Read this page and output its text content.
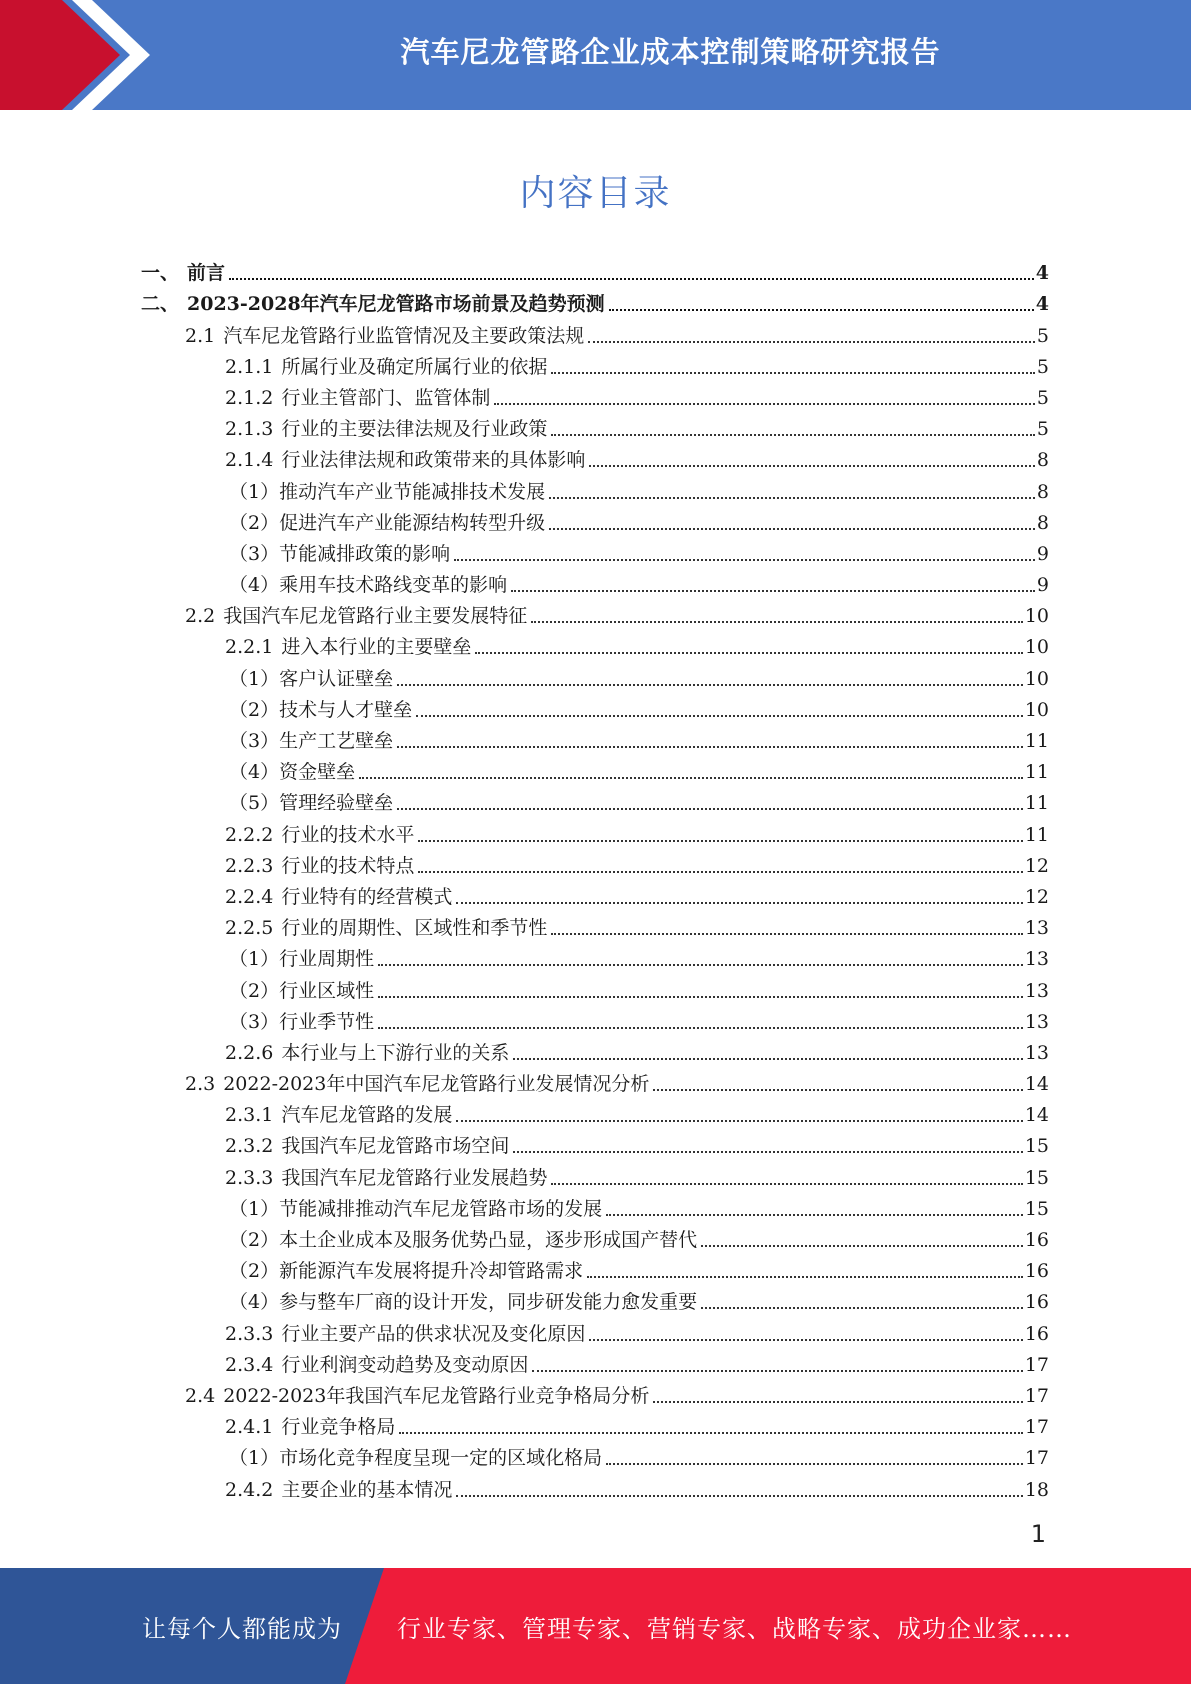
汽车尼龙管路企业成本控制策略研究报告
内容目录
一、 前言	4
二、 2023-2028年汽车尼龙管路市场前景及趋势预测	4
2.1 汽车尼龙管路行业监管情况及主要政策法规	5
2.1.1 所属行业及确定所属行业的依据	5
2.1.2 行业主管部门、监管体制	5
2.1.3 行业的主要法律法规及行业政策	5
2.1.4 行业法律法规和政策带来的具体影响	8
（1） 推动汽车产业节能减排技术发展	8
（2） 促进汽车产业能源结构转型升级	8
（3） 节能减排政策的影响	9
（4） 乘用车技术路线变革的影响	9
2.2 我国汽车尼龙管路行业主要发展特征	10
2.2.1 进入本行业的主要壁垒	10
（1） 客户认证壁垒	10
（2） 技术与人才壁垒	10
（3） 生产工艺壁垒	11
（4） 资金壁垒	11
（5） 管理经验壁垒	11
2.2.2 行业的技术水平	11
2.2.3 行业的技术特点	12
2.2.4 行业特有的经营模式	12
2.2.5 行业的周期性、区域性和季节性	13
（1） 行业周期性	13
（2） 行业区域性	13
（3） 行业季节性	13
2.2.6 本行业与上下游行业的关系	13
2.3 2022-2023年中国汽车尼龙管路行业发展情况分析	14
2.3.1 汽车尼龙管路的发展	14
2.3.2 我国汽车尼龙管路市场空间	15
2.3.3 我国汽车尼龙管路行业发展趋势	15
（1） 节能减排推动汽车尼龙管路市场的发展	15
（2） 本土企业成本及服务优势凸显，逐步形成国产替代	16
（2） 新能源汽车发展将提升冷却管路需求	16
（4） 参与整车厂商的设计开发，同步研发能力愈发重要	16
2.3.3 行业主要产品的供求状况及变化原因	16
2.3.4 行业利润变动趋势及变动原因	17
2.4 2022-2023年我国汽车尼龙管路行业竞争格局分析	17
2.4.1 行业竞争格局	17
（1） 市场化竞争程度呈现一定的区域化格局	17
2.4.2 主要企业的基本情况	18
1
让每个人都能成为 行业专家、管理专家、营销专家、战略专家、成功企业家……
